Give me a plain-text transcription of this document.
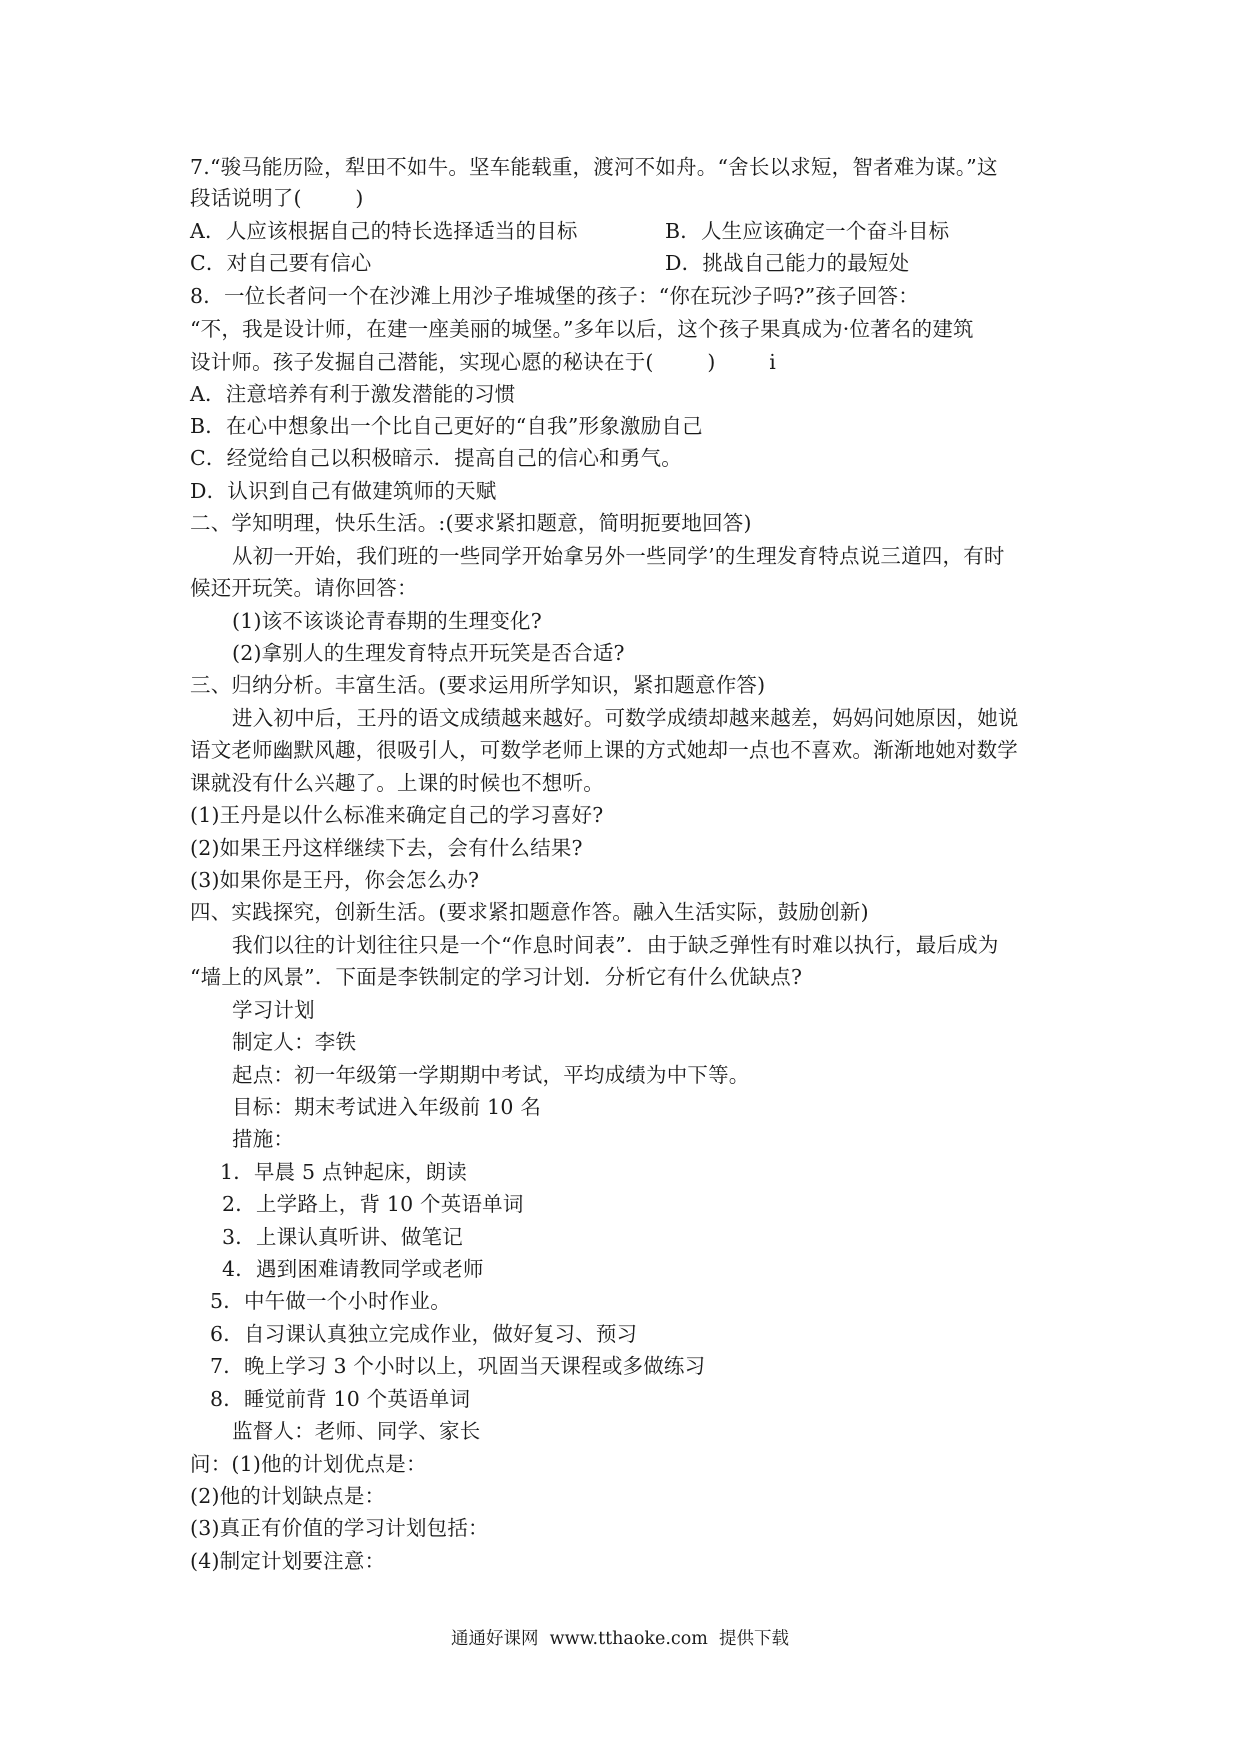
7.“骏马能历险，犁田不如牛。坚车能载重，渡河不如舟。“舍长以求短，智者难为谋。”这
段话说明了(        )
A．人应该根据自己的特长选择适当的目标	B．人生应该确定一个奋斗目标
C．对自己要有信心	D．挑战自己能力的最短处
8．一位长者问一个在沙滩上用沙子堆城堡的孩子：“你在玩沙子吗?”孩子回答：
“不，我是设计师，在建一座美丽的城堡。”多年以后，这个孩子果真成为·位著名的建筑
设计师。孩子发掘自己潜能，实现心愿的秘诀在于(        )        i
A．注意培养有利于激发潜能的习惯
B．在心中想象出一个比自己更好的“自我”形象激励自己
C．经觉给自己以积极暗示．提高自己的信心和勇气。
D．认识到自己有做建筑师的天赋
二、学知明理，快乐生活。:(要求紧扣题意，简明扼要地回答)
从初一开始，我们班的一些同学开始拿另外一些同学’的生理发育特点说三道四，有时
候还开玩笑。请你回答：
(1)该不该谈论青春期的生理变化?
(2)拿别人的生理发育特点开玩笑是否合适?
三、归纳分析。丰富生活。(要求运用所学知识，紧扣题意作答)
进入初中后，王丹的语文成绩越来越好。可数学成绩却越来越差，妈妈问她原因，她说
语文老师幽默风趣，很吸引人，可数学老师上课的方式她却一点也不喜欢。渐渐地她对数学
课就没有什么兴趣了。上课的时候也不想听。
(1)王丹是以什么标准来确定自己的学习喜好?
(2)如果王丹这样继续下去，会有什么结果?
(3)如果你是王丹，你会怎么办?
四、实践探究，创新生活。(要求紧扣题意作答。融入生活实际，鼓励创新)
我们以往的计划往往只是一个“作息时间表”．由于缺乏弹性有时难以执行，最后成为
“墙上的风景”．下面是李铁制定的学习计划．分析它有什么优缺点?
学习计划
制定人：李铁
起点：初一年级第一学期期中考试，平均成绩为中下等。
目标：期末考试进入年级前 10 名
措施：
1．早晨 5 点钟起床，朗读
2．上学路上，背 10 个英语单词
3．上课认真听讲、做笔记
4．遇到困难请教同学或老师
5．中午做一个小时作业。
6．自习课认真独立完成作业，做好复习、预习
7．晚上学习 3 个小时以上，巩固当天课程或多做练习
8．睡觉前背 10 个英语单词
监督人：老师、同学、家长
问：(1)他的计划优点是：
(2)他的计划缺点是：
(3)真正有价值的学习计划包括：
(4)制定计划要注意：
通通好课网  www.tthaoke.com  提供下载
